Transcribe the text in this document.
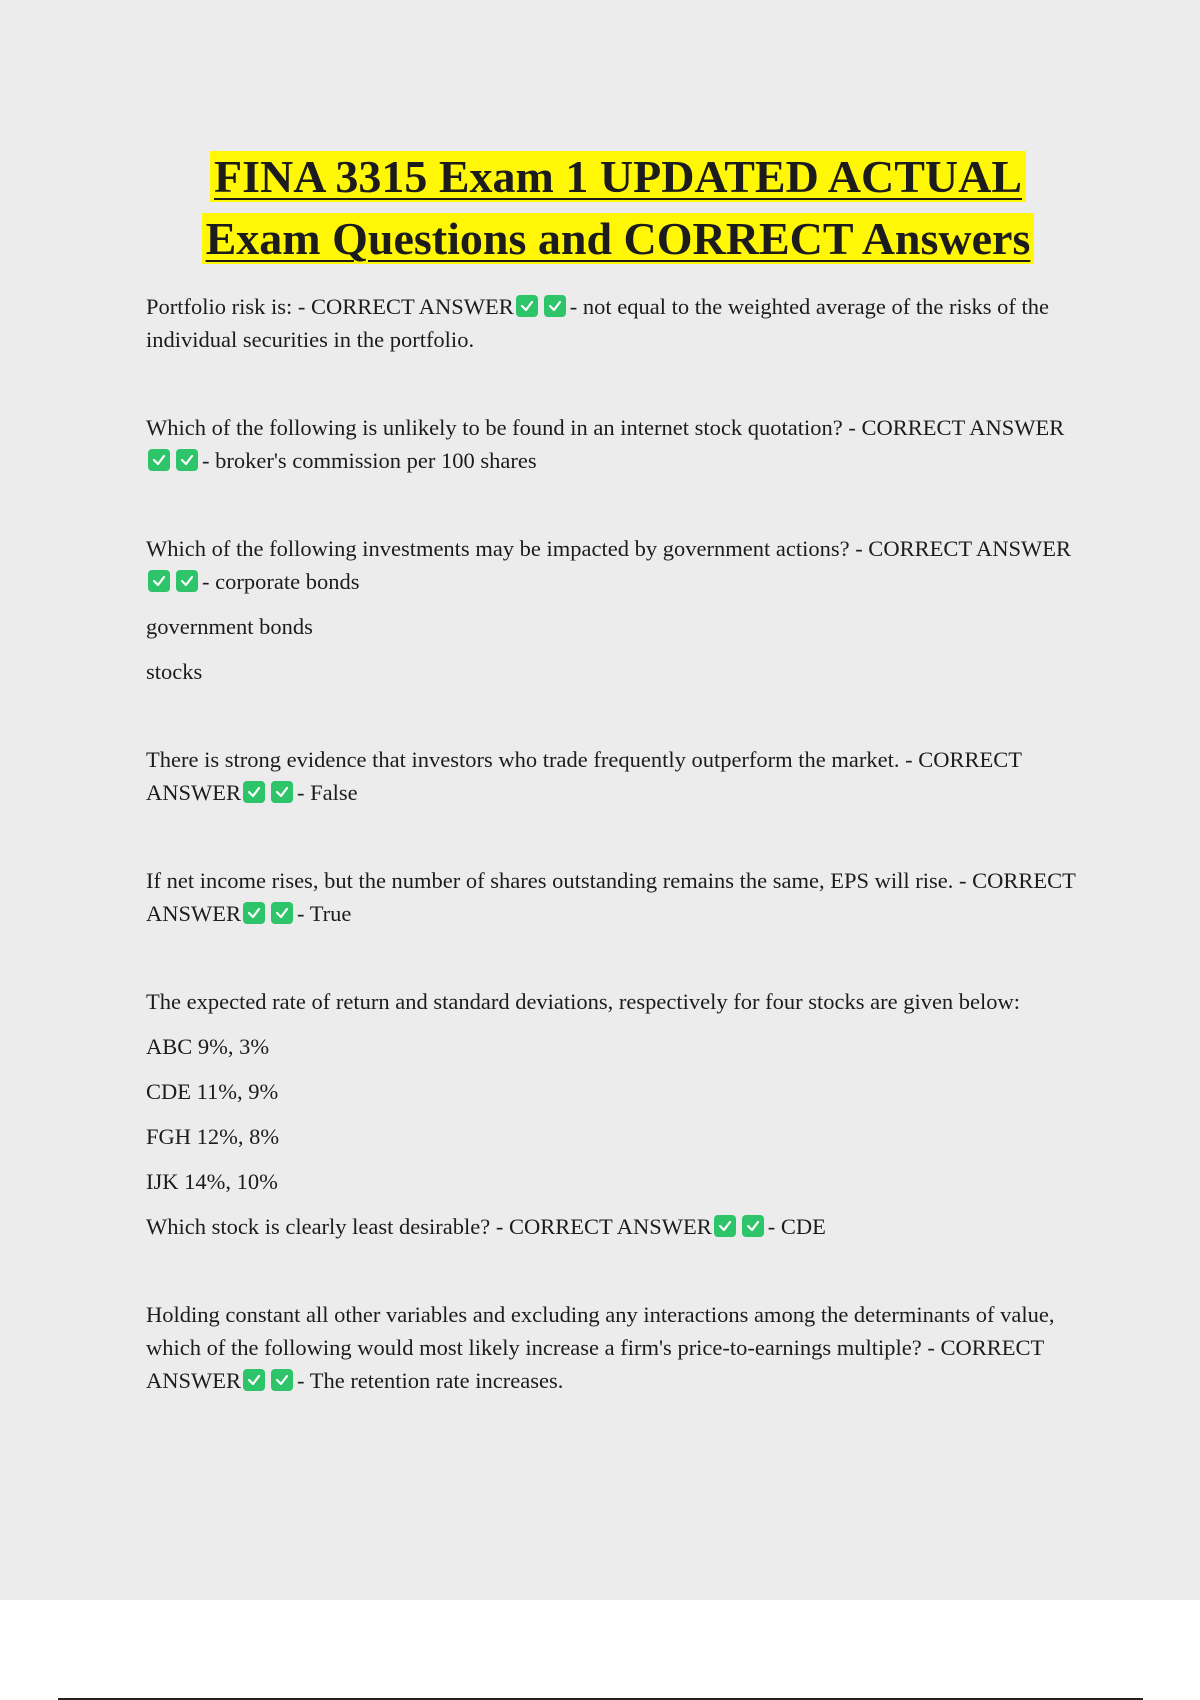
FINA 3315 Exam 1 UPDATED ACTUAL
Exam Questions and CORRECT Answers

Portfolio risk is: - CORRECT ANSWER - not equal to the weighted average of the risks of the individual securities in the portfolio.

Which of the following is unlikely to be found in an internet stock quotation? - CORRECT ANSWER
- broker's commission per 100 shares

Which of the following investments may be impacted by government actions? - CORRECT ANSWER
- corporate bonds

government bonds

stocks

There is strong evidence that investors who trade frequently outperform the market. - CORRECT ANSWER - False

If net income rises, but the number of shares outstanding remains the same, EPS will rise. - CORRECT ANSWER - True

The expected rate of return and standard deviations, respectively for four stocks are given below:

ABC 9%, 3%

CDE 11%, 9%

FGH 12%, 8%

IJK 14%, 10%

Which stock is clearly least desirable? - CORRECT ANSWER - CDE

Holding constant all other variables and excluding any interactions among the determinants of value, which of the following would most likely increase a firm's price-to-earnings multiple? - CORRECT ANSWER - The retention rate increases.
